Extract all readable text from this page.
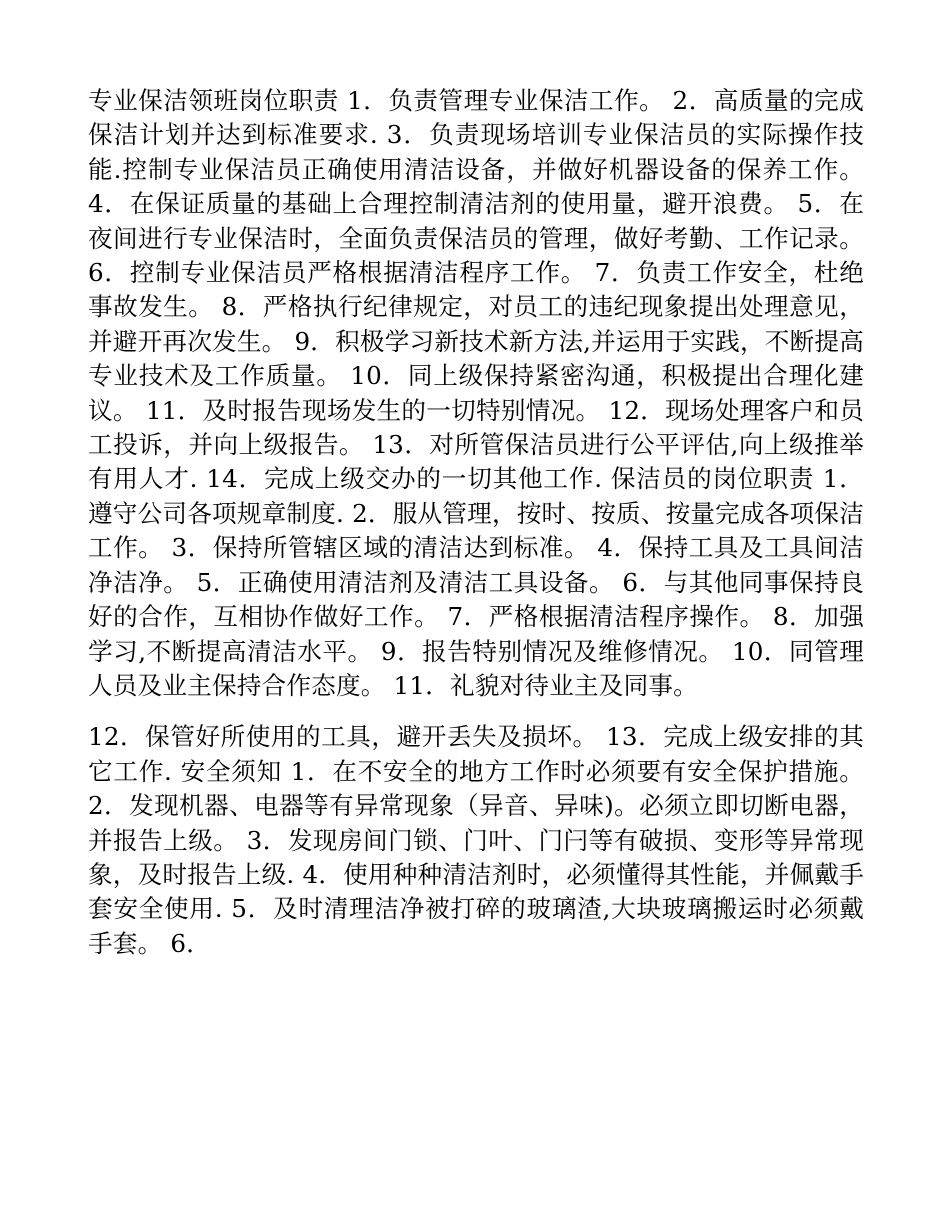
专业保洁领班岗位职责 1．负责管理专业保洁工作。 2．高质量的完成保洁计划并达到标准要求. 3．负责现场培训专业保洁员的实际操作技能.控制专业保洁员正确使用清洁设备，并做好机器设备的保养工作。 4．在保证质量的基础上合理控制清洁剂的使用量，避开浪费。 5．在夜间进行专业保洁时，全面负责保洁员的管理，做好考勤、工作记录。 6．控制专业保洁员严格根据清洁程序工作。 7．负责工作安全，杜绝事故发生。 8．严格执行纪律规定，对员工的违纪现象提出处理意见，并避开再次发生。 9．积极学习新技术新方法,并运用于实践，不断提高专业技术及工作质量。 10．同上级保持紧密沟通，积极提出合理化建议。 11．及时报告现场发生的一切特别情况。 12．现场处理客户和员工投诉，并向上级报告。 13．对所管保洁员进行公平评估,向上级推举有用人才. 14．完成上级交办的一切其他工作. 保洁员的岗位职责 1．遵守公司各项规章制度. 2．服从管理，按时、按质、按量完成各项保洁工作。 3．保持所管辖区域的清洁达到标准。 4．保持工具及工具间洁净洁净。 5．正确使用清洁剂及清洁工具设备。 6．与其他同事保持良好的合作，互相协作做好工作。 7．严格根据清洁程序操作。 8．加强学习,不断提高清洁水平。 9．报告特别情况及维修情况。 10．同管理人员及业主保持合作态度。 11．礼貌对待业主及同事。

12．保管好所使用的工具，避开丢失及损坏。 13．完成上级安排的其它工作. 安全须知 1．在不安全的地方工作时必须要有安全保护措施。 2．发现机器、电器等有异常现象（异音、异味)。必须立即切断电器，并报告上级。 3．发现房间门锁、门叶、门闩等有破损、变形等异常现象，及时报告上级. 4．使用种种清洁剂时，必须懂得其性能，并佩戴手套安全使用. 5．及时清理洁净被打碎的玻璃渣,大块玻璃搬运时必须戴手套。 6．
